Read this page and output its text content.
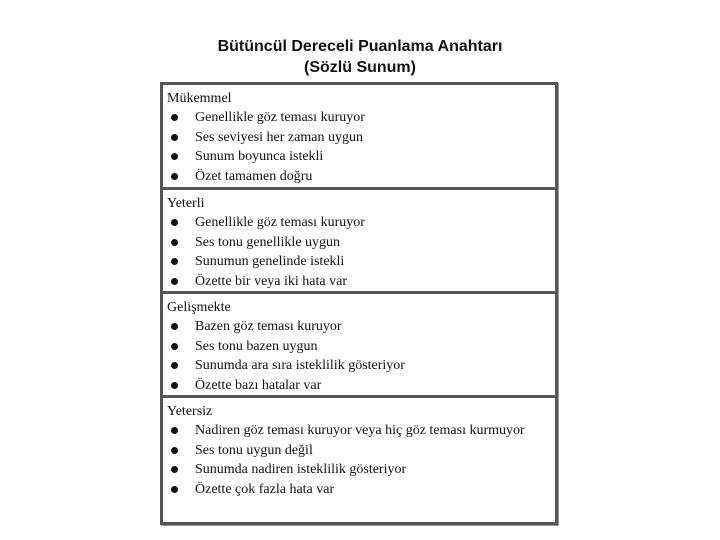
Bütüncül Dereceli Puanlama Anahtarı
(Sözlü Sunum)
Mükemmel
Genellikle göz teması kuruyor
Ses seviyesi her zaman uygun
Sunum boyunca istekli
Özet tamamen doğru
Yeterli
Genellikle göz teması kuruyor
Ses tonu genellikle uygun
Sunumun genelinde istekli
Özette bir veya iki hata var
Gelişmekte
Bazen göz teması kuruyor
Ses tonu bazen uygun
Sunumda ara sıra isteklilik gösteriyor
Özette bazı hatalar var
Yetersiz
Nadiren göz teması kuruyor veya hiç göz teması kurmuyor
Ses tonu uygun değil
Sunumda nadiren isteklilik gösteriyor
Özette çok fazla hata var
